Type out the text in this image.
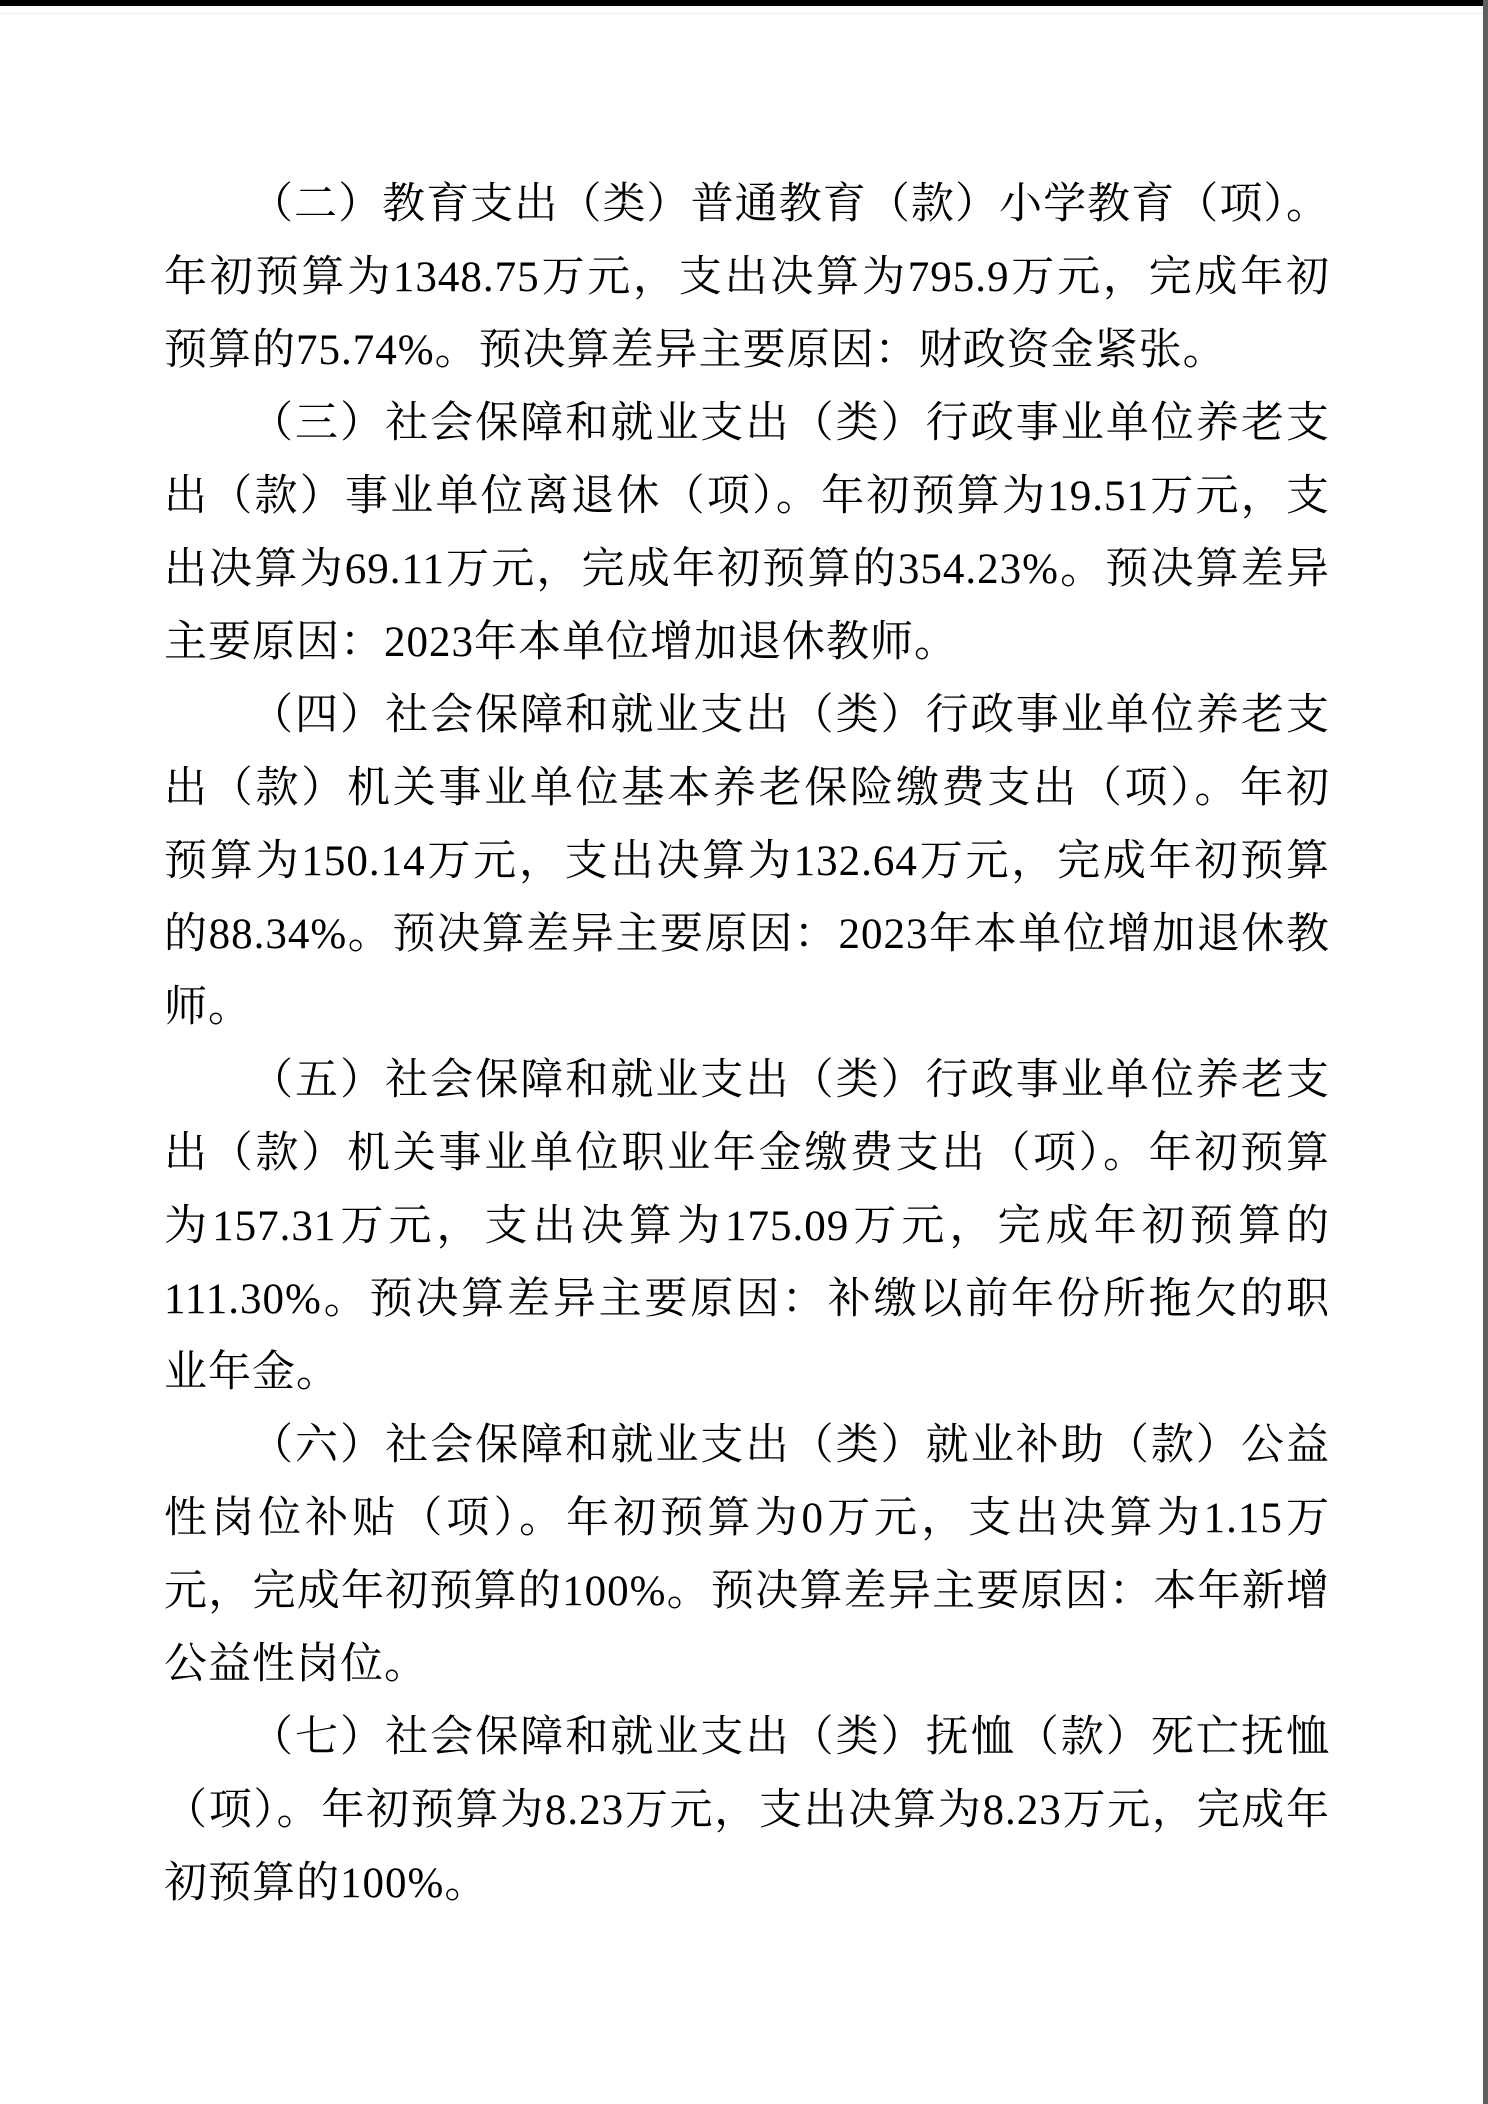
（二）教育支出（类）普通教育（款）小学教育（项）。年初预算为1348.75万元，支出决算为795.9万元，完成年初预算的75.74%。预决算差异主要原因：财政资金紧张。

（三）社会保障和就业支出（类）行政事业单位养老支出（款）事业单位离退休（项）。年初预算为19.51万元，支出决算为69.11万元，完成年初预算的354.23%。预决算差异主要原因：2023年本单位增加退休教师。

（四）社会保障和就业支出（类）行政事业单位养老支出（款）机关事业单位基本养老保险缴费支出（项）。年初预算为150.14万元，支出决算为132.64万元，完成年初预算的88.34%。预决算差异主要原因：2023年本单位增加退休教师。

（五）社会保障和就业支出（类）行政事业单位养老支出（款）机关事业单位职业年金缴费支出（项）。年初预算为157.31万元，支出决算为175.09万元，完成年初预算的111.30%。预决算差异主要原因：补缴以前年份所拖欠的职业年金。

（六）社会保障和就业支出（类）就业补助（款）公益性岗位补贴（项）。年初预算为0万元，支出决算为1.15万元，完成年初预算的100%。预决算差异主要原因：本年新增公益性岗位。

（七）社会保障和就业支出（类）抚恤（款）死亡抚恤（项）。年初预算为8.23万元，支出决算为8.23万元，完成年初预算的100%。
